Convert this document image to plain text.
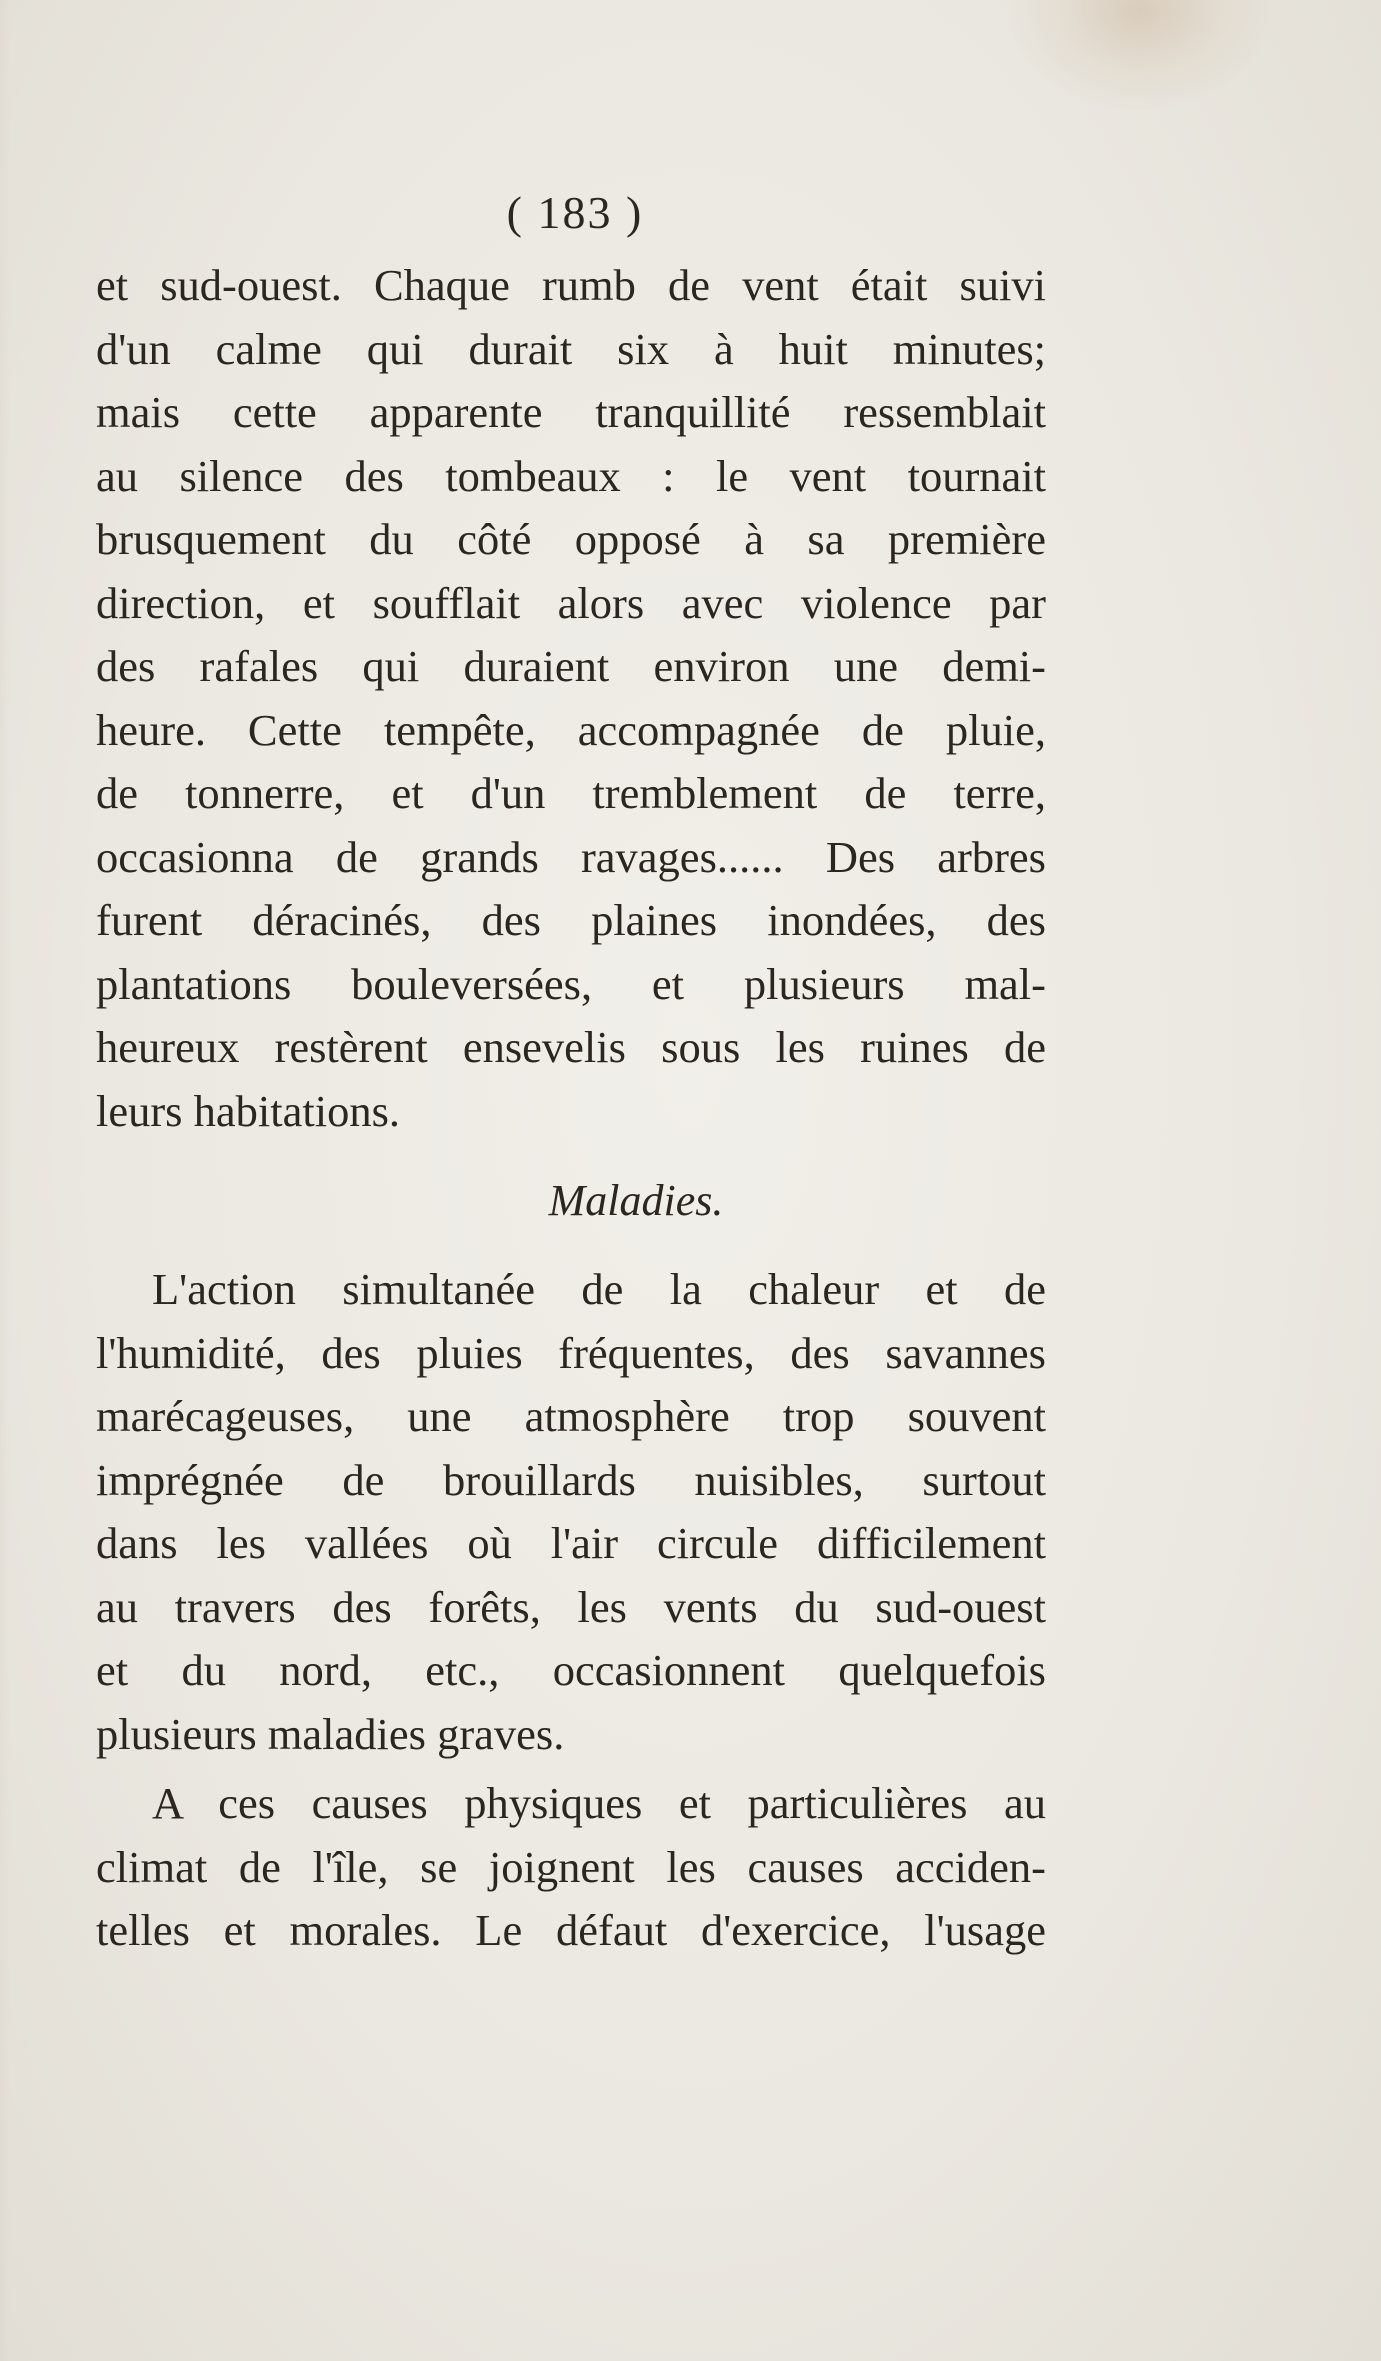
( 183 )
et sud-ouest. Chaque rumb de vent était suivi
d'un calme qui durait six à huit minutes;
mais cette apparente tranquillité ressemblait
au silence des tombeaux : le vent tournait
brusquement du côté opposé à sa première
direction, et soufflait alors avec violence par
des rafales qui duraient environ une demi-
heure. Cette tempête, accompagnée de pluie,
de tonnerre, et d'un tremblement de terre,
occasionna de grands ravages...... Des arbres
furent déracinés, des plaines inondées, des
plantations bouleversées, et plusieurs mal-
heureux restèrent ensevelis sous les ruines de
leurs habitations.
Maladies.
L'action simultanée de la chaleur et de
l'humidité, des pluies fréquentes, des savannes
marécageuses, une atmosphère trop souvent
imprégnée de brouillards nuisibles, surtout
dans les vallées où l'air circule difficilement
au travers des forêts, les vents du sud-ouest
et du nord, etc., occasionnent quelquefois
plusieurs maladies graves.
A ces causes physiques et particulières au
climat de l'île, se joignent les causes acciden-
telles et morales. Le défaut d'exercice, l'usage
